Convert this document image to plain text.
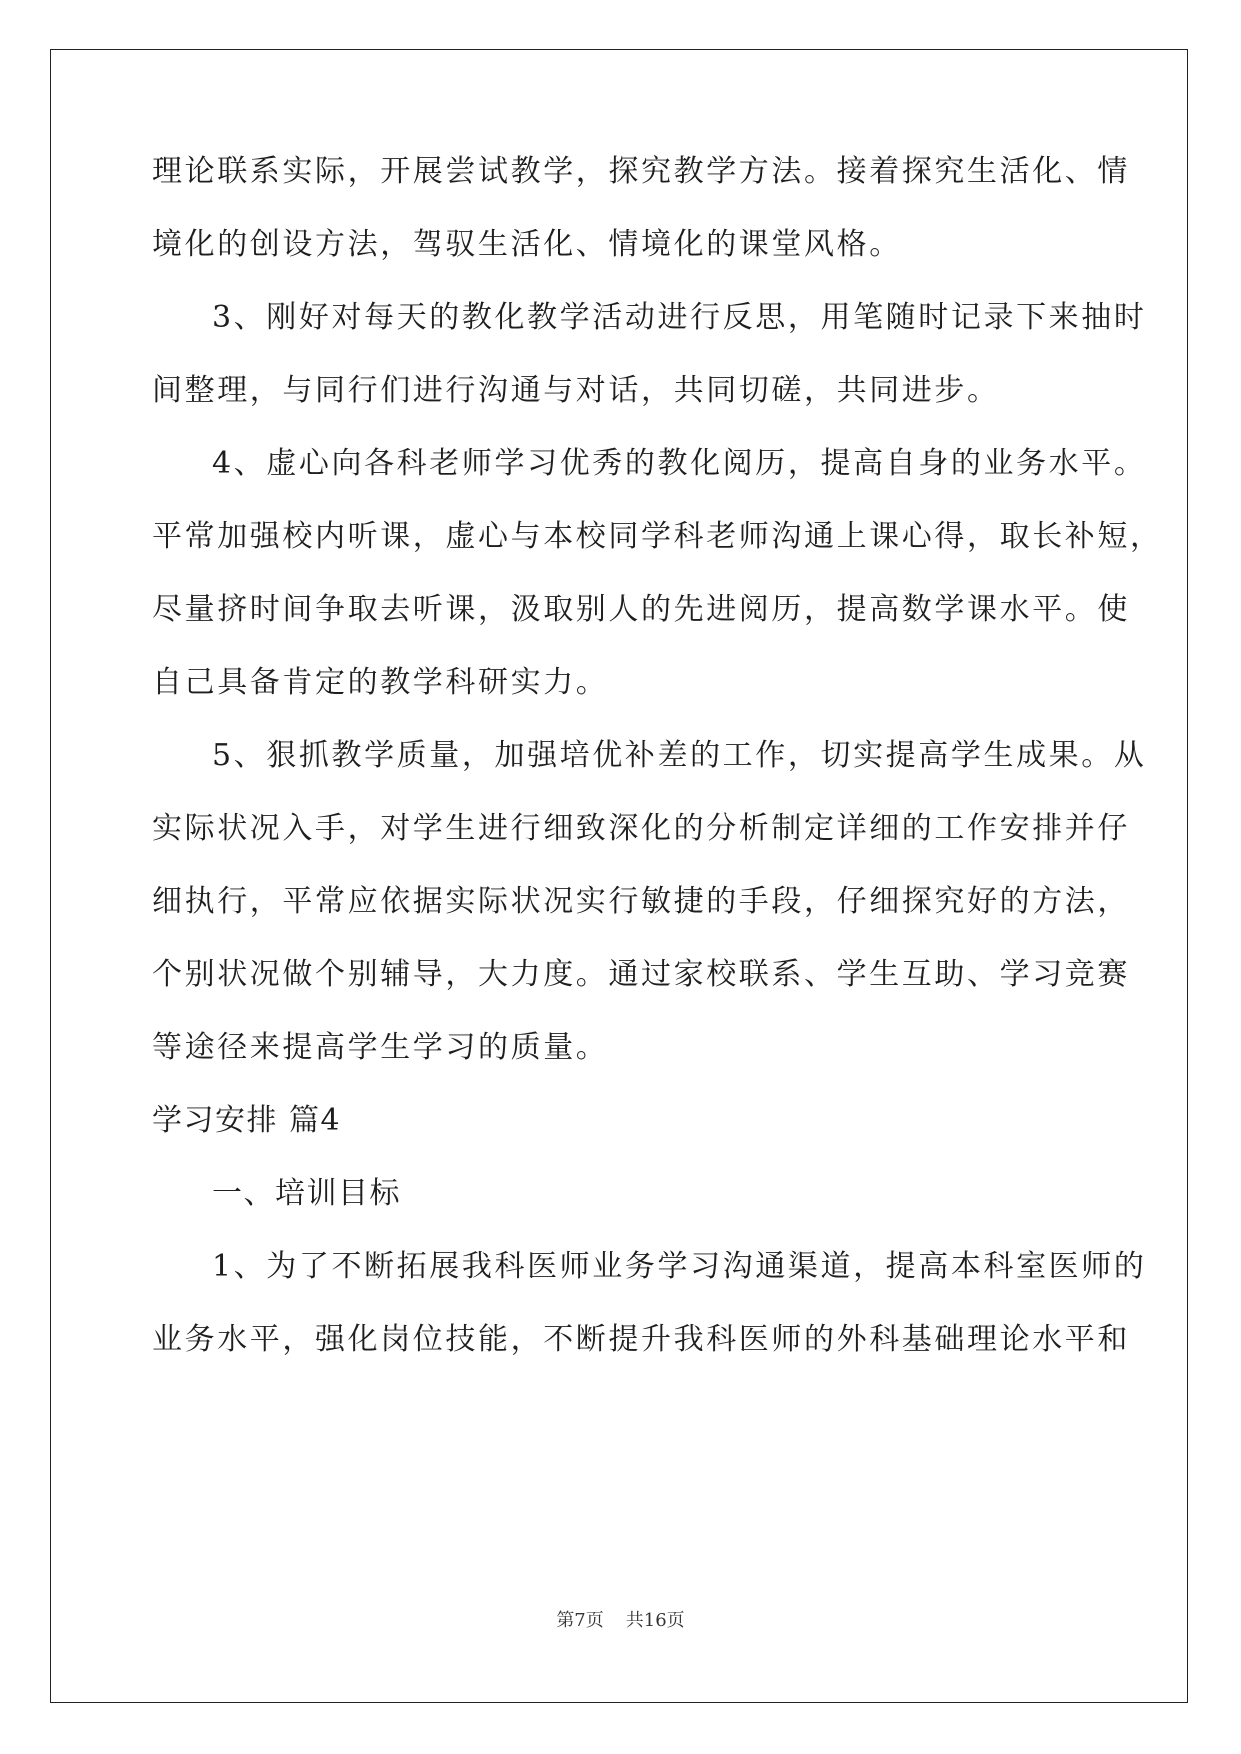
理论联系实际，开展尝试教学，探究教学方法。接着探究生活化、情
境化的创设方法，驾驭生活化、情境化的课堂风格。
3、刚好对每天的教化教学活动进行反思，用笔随时记录下来抽时
间整理，与同行们进行沟通与对话，共同切磋，共同进步。
4、虚心向各科老师学习优秀的教化阅历，提高自身的业务水平。
平常加强校内听课，虚心与本校同学科老师沟通上课心得，取长补短，
尽量挤时间争取去听课，汲取别人的先进阅历，提高数学课水平。使
自己具备肯定的教学科研实力。
5、狠抓教学质量，加强培优补差的工作，切实提高学生成果。从
实际状况入手，对学生进行细致深化的分析制定详细的工作安排并仔
细执行，平常应依据实际状况实行敏捷的手段，仔细探究好的方法，
个别状况做个别辅导，大力度。通过家校联系、学生互助、学习竞赛
等途径来提高学生学习的质量。
学习安排 篇4
一、培训目标
1、为了不断拓展我科医师业务学习沟通渠道，提高本科室医师的
业务水平，强化岗位技能，不断提升我科医师的外科基础理论水平和
第7页 共16页
